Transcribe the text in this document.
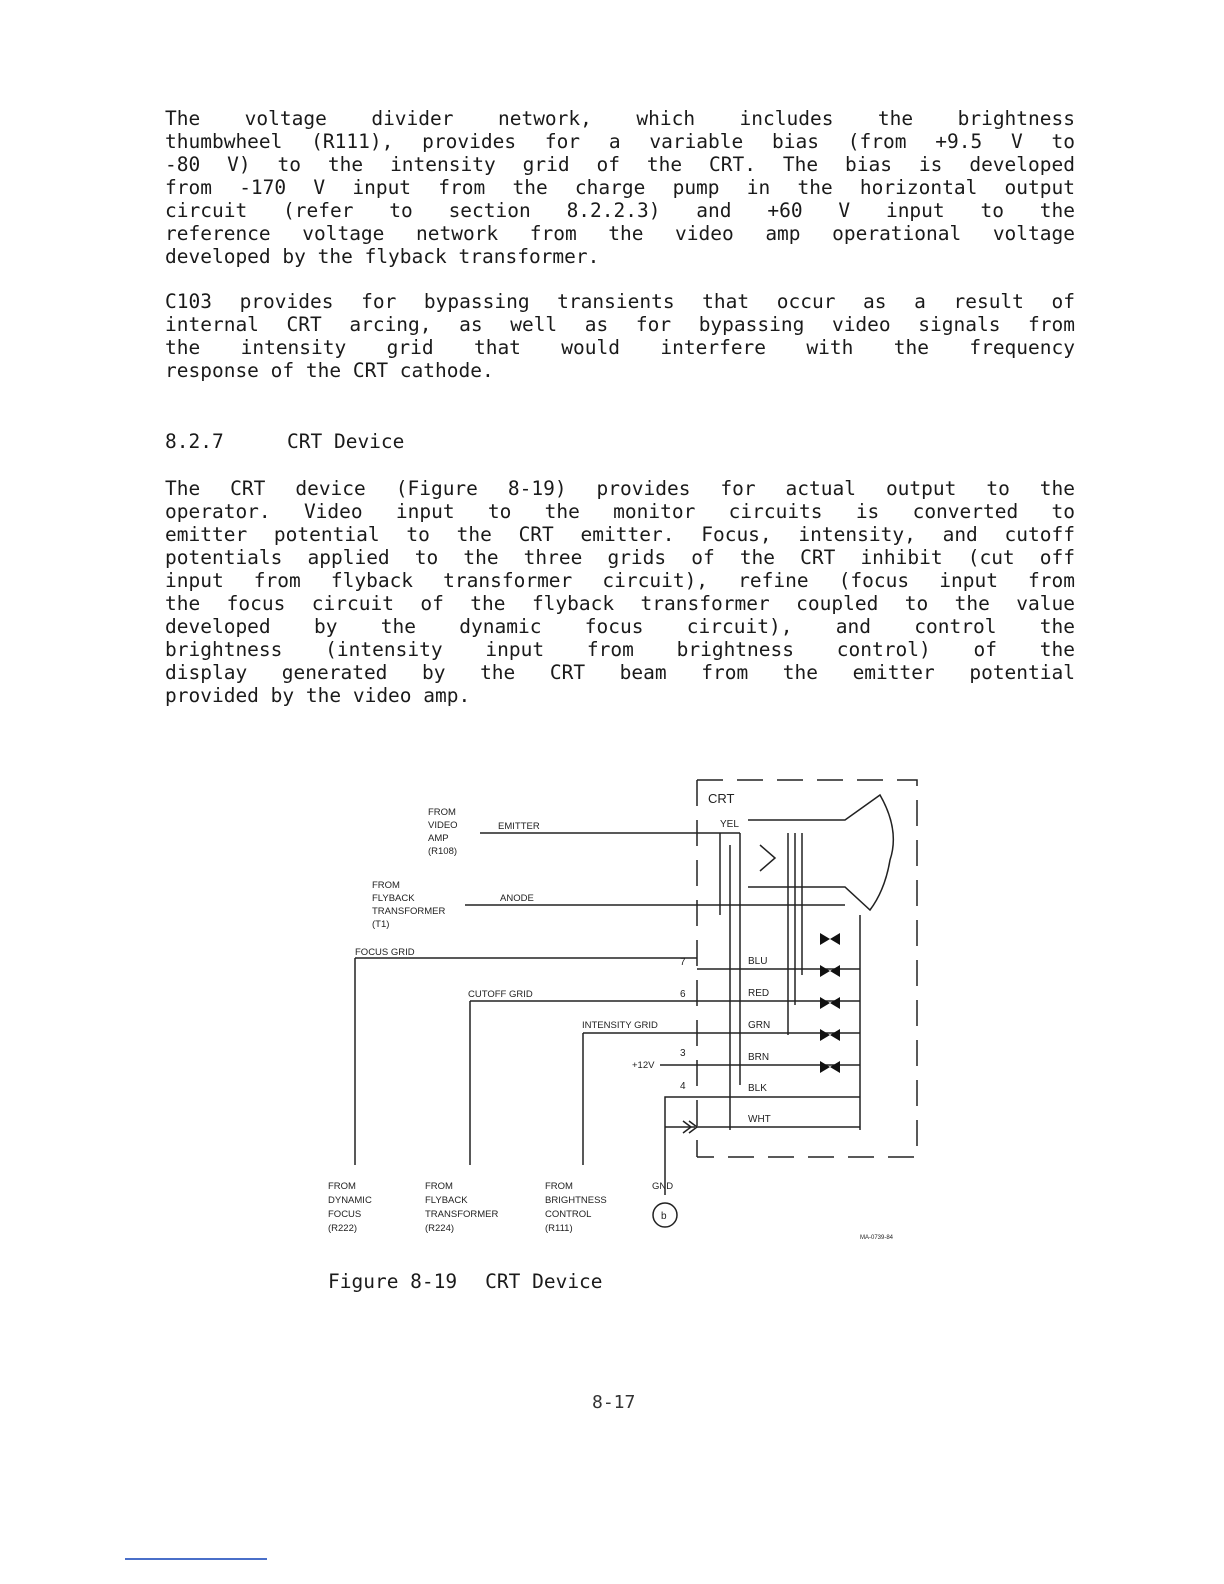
The voltage divider network, which includes the brightness
thumbwheel (R111), provides for a variable bias (from +9.5 V to
-80 V) to the intensity grid of the CRT. The bias is developed
from -170 V input from the charge pump in the horizontal output
circuit (refer to section 8.2.2.3) and +60 V input to the
reference voltage network from the video amp operational voltage
developed by the flyback transformer.
C103 provides for bypassing transients that occur as a result of
internal CRT arcing, as well as for bypassing video signals from
the intensity grid that would interfere with the frequency
response of the CRT cathode.
8.2.7	CRT Device
The CRT device (Figure 8-19) provides for actual output to the
operator. Video input to the monitor circuits is converted to
emitter potential to the CRT emitter. Focus, intensity, and cutoff
potentials applied to the three grids of the CRT inhibit (cut off
input from flyback transformer circuit), refine (focus input from
the focus circuit of the flyback transformer coupled to the value
developed by the dynamic focus circuit), and control the
brightness (intensity input from brightness control) of the
display generated by the CRT beam from the emitter potential
provided by the video amp.
CRT
FROM
VIDEO
AMP
(R108)
EMITTER
FROM
FLYBACK
TRANSFORMER
(T1)
ANODE
FOCUS GRID
CUTOFF GRID
INTENSITY GRID
+12V
7
6
3
4
YEL
BLU
RED
GRN
BRN
BLK
WHT
FROM
DYNAMIC
FOCUS
(R222)
FROM
FLYBACK
TRANSFORMER
(R224)
FROM
BRIGHTNESS
CONTROL
(R111)
GND
b
MA-0739-84
Figure 8-19 CRT Device
8-17
